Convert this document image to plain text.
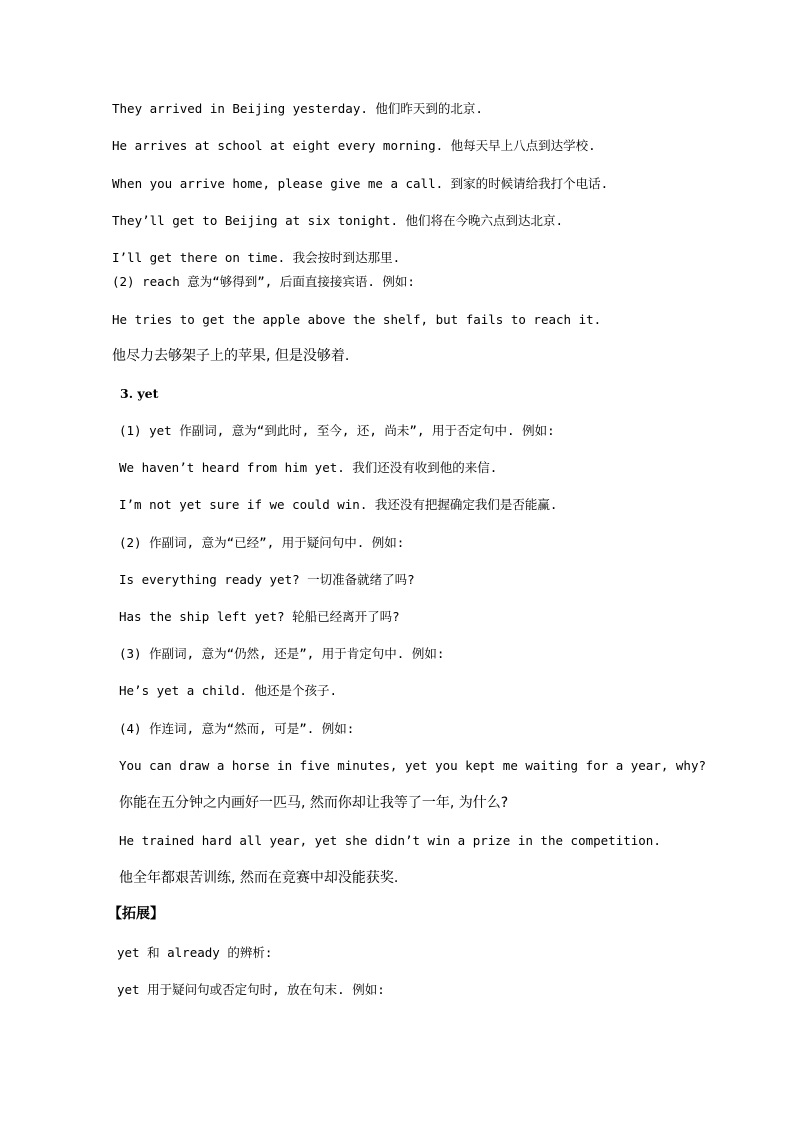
They arrived in Beijing yesterday. 他们昨天到的北京.
He arrives at school at eight every morning. 他每天早上八点到达学校.
When you arrive home, please give me a call. 到家的时候请给我打个电话.
They’ll get to Beijing at six tonight. 他们将在今晚六点到达北京.
I’ll get there on time. 我会按时到达那里.
(2) reach 意为“够得到”, 后面直接接宾语. 例如:
He tries to get the apple above the shelf, but fails to reach it.
他尽力去够架子上的苹果, 但是没够着.
3. yet
(1) yet 作副词, 意为“到此时, 至今, 还, 尚未”, 用于否定句中. 例如:
We haven’t heard from him yet. 我们还没有收到他的来信.
I’m not yet sure if we could win. 我还没有把握确定我们是否能赢.
(2) 作副词, 意为“已经”, 用于疑问句中. 例如:
Is everything ready yet? 一切准备就绪了吗?
Has the ship left yet? 轮船已经离开了吗?
(3) 作副词, 意为“仍然, 还是”, 用于肯定句中. 例如:
He’s yet a child. 他还是个孩子.
(4) 作连词, 意为“然而, 可是”. 例如:
You can draw a horse in five minutes, yet you kept me waiting for a year, why?
你能在五分钟之内画好一匹马, 然而你却让我等了一年, 为什么?
He trained hard all year, yet she didn’t win a prize in the competition.
他全年都艰苦训练, 然而在竞赛中却没能获奖.
【拓展】
yet 和 already 的辨析:
yet 用于疑问句或否定句时, 放在句末. 例如:
